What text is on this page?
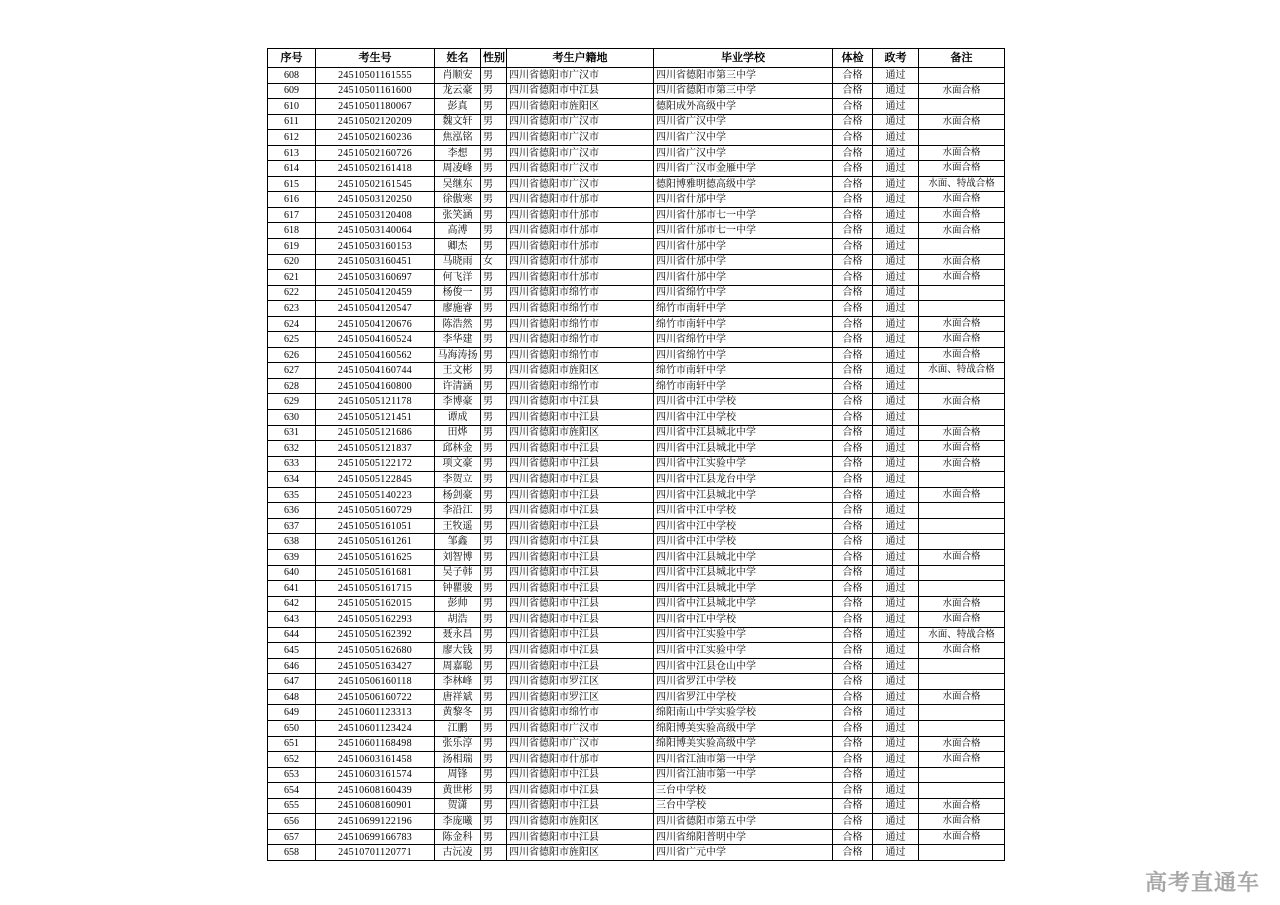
序号	考生号	姓名	性别	考生户籍地	毕业学校	体检	政考	备注
608	24510501161555	肖顺安	男	四川省德阳市广汉市	四川省德阳市第三中学	合格	通过	
609	24510501161600	龙云豪	男	四川省德阳市中江县	四川省德阳市第三中学	合格	通过	水面合格
610	24510501180067	彭真	男	四川省德阳市旌阳区	德阳成外高级中学	合格	通过	
611	24510502120209	魏文轩	男	四川省德阳市广汉市	四川省广汉中学	合格	通过	水面合格
612	24510502160236	焦泓铭	男	四川省德阳市广汉市	四川省广汉中学	合格	通过	
613	24510502160726	李想	男	四川省德阳市广汉市	四川省广汉中学	合格	通过	水面合格
614	24510502161418	周凌峰	男	四川省德阳市广汉市	四川省广汉市金雁中学	合格	通过	水面合格
615	24510502161545	吴继东	男	四川省德阳市广汉市	德阳博雅明德高级中学	合格	通过	水面、特战合格
616	24510503120250	徐傲寒	男	四川省德阳市什邡市	四川省什邡中学	合格	通过	水面合格
617	24510503120408	张笑涵	男	四川省德阳市什邡市	四川省什邡市七一中学	合格	通过	水面合格
618	24510503140064	高溥	男	四川省德阳市什邡市	四川省什邡市七一中学	合格	通过	水面合格
619	24510503160153	卿杰	男	四川省德阳市什邡市	四川省什邡中学	合格	通过	
620	24510503160451	马晓雨	女	四川省德阳市什邡市	四川省什邡中学	合格	通过	水面合格
621	24510503160697	何飞洋	男	四川省德阳市什邡市	四川省什邡中学	合格	通过	水面合格
622	24510504120459	杨俊一	男	四川省德阳市绵竹市	四川省绵竹中学	合格	通过	
623	24510504120547	廖施睿	男	四川省德阳市绵竹市	绵竹市南轩中学	合格	通过	
624	24510504120676	陈浩然	男	四川省德阳市绵竹市	绵竹市南轩中学	合格	通过	水面合格
625	24510504160524	李华建	男	四川省德阳市绵竹市	四川省绵竹中学	合格	通过	水面合格
626	24510504160562	马海涛扬	男	四川省德阳市绵竹市	四川省绵竹中学	合格	通过	水面合格
627	24510504160744	王文彬	男	四川省德阳市旌阳区	绵竹市南轩中学	合格	通过	水面、特战合格
628	24510504160800	许清涵	男	四川省德阳市绵竹市	绵竹市南轩中学	合格	通过	
629	24510505121178	李博豪	男	四川省德阳市中江县	四川省中江中学校	合格	通过	水面合格
630	24510505121451	谭成	男	四川省德阳市中江县	四川省中江中学校	合格	通过	
631	24510505121686	田烨	男	四川省德阳市旌阳区	四川省中江县城北中学	合格	通过	水面合格
632	24510505121837	邱林金	男	四川省德阳市中江县	四川省中江县城北中学	合格	通过	水面合格
633	24510505122172	项文豪	男	四川省德阳市中江县	四川省中江实验中学	合格	通过	水面合格
634	24510505122845	李贺立	男	四川省德阳市中江县	四川省中江县龙台中学	合格	通过	
635	24510505140223	杨剑豪	男	四川省德阳市中江县	四川省中江县城北中学	合格	通过	水面合格
636	24510505160729	李沿江	男	四川省德阳市中江县	四川省中江中学校	合格	通过	
637	24510505161051	王牧遥	男	四川省德阳市中江县	四川省中江中学校	合格	通过	
638	24510505161261	邹鑫	男	四川省德阳市中江县	四川省中江中学校	合格	通过	
639	24510505161625	刘智博	男	四川省德阳市中江县	四川省中江县城北中学	合格	通过	水面合格
640	24510505161681	吴子韩	男	四川省德阳市中江县	四川省中江县城北中学	合格	通过	
641	24510505161715	钟瞿骏	男	四川省德阳市中江县	四川省中江县城北中学	合格	通过	
642	24510505162015	彭帅	男	四川省德阳市中江县	四川省中江县城北中学	合格	通过	水面合格
643	24510505162293	胡浩	男	四川省德阳市中江县	四川省中江中学校	合格	通过	水面合格
644	24510505162392	聂永昌	男	四川省德阳市中江县	四川省中江实验中学	合格	通过	水面、特战合格
645	24510505162680	廖大钱	男	四川省德阳市中江县	四川省中江实验中学	合格	通过	水面合格
646	24510505163427	周嘉聪	男	四川省德阳市中江县	四川省中江县仓山中学	合格	通过	
647	24510506160118	李林峰	男	四川省德阳市罗江区	四川省罗江中学校	合格	通过	
648	24510506160722	唐祥斌	男	四川省德阳市罗江区	四川省罗江中学校	合格	通过	水面合格
649	24510601123313	黄黎冬	男	四川省德阳市绵竹市	绵阳南山中学实验学校	合格	通过	
650	24510601123424	江鹏	男	四川省德阳市广汉市	绵阳博美实验高级中学	合格	通过	
651	24510601168498	张乐淳	男	四川省德阳市广汉市	绵阳博美实验高级中学	合格	通过	水面合格
652	24510603161458	汤相瑞	男	四川省德阳市什邡市	四川省江油市第一中学	合格	通过	水面合格
653	24510603161574	周锋	男	四川省德阳市中江县	四川省江油市第一中学	合格	通过	
654	24510608160439	黄世彬	男	四川省德阳市中江县	三台中学校	合格	通过	
655	24510608160901	贺潇	男	四川省德阳市中江县	三台中学校	合格	通过	水面合格
656	24510699122196	李庞曦	男	四川省德阳市旌阳区	四川省德阳市第五中学	合格	通过	水面合格
657	24510699166783	陈金科	男	四川省德阳市中江县	四川省绵阳普明中学	合格	通过	水面合格
658	24510701120771	古沅凌	男	四川省德阳市旌阳区	四川省广元中学	合格	通过	
高考直通车
